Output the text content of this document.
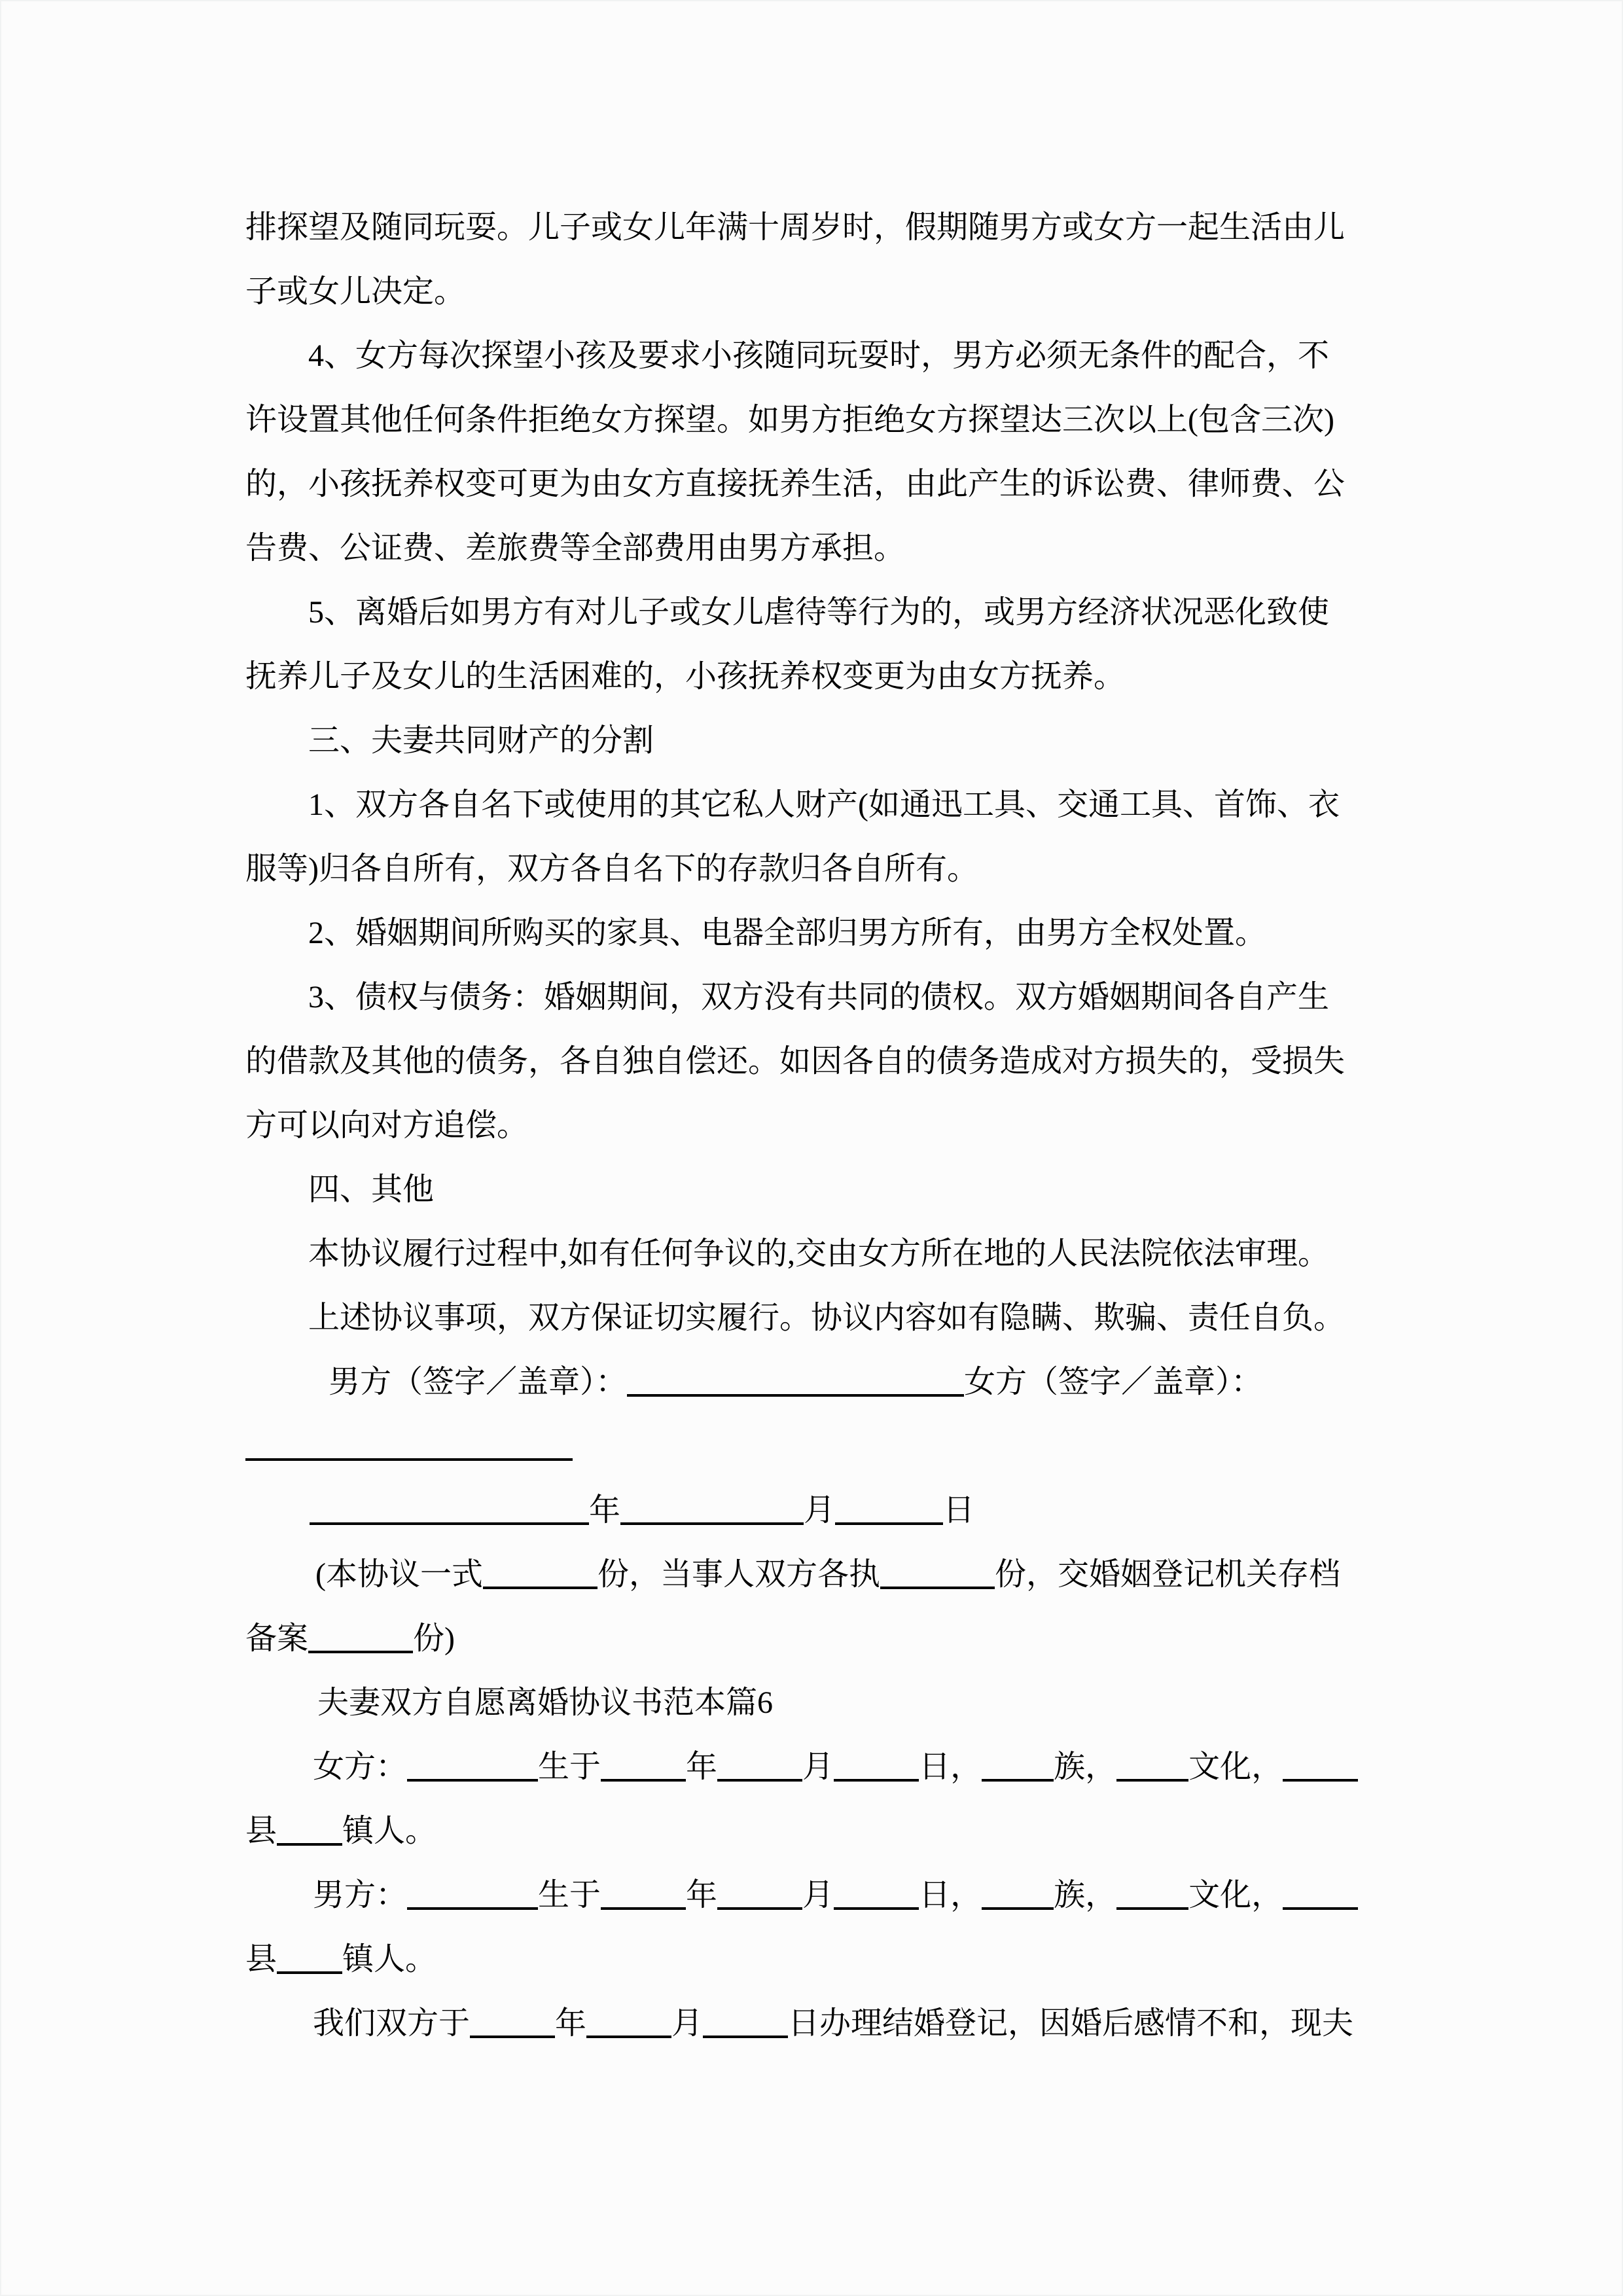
排探望及随同玩耍。儿子或女儿年满十周岁时，假期随男方或女方一起生活由儿
子或女儿决定。
4、女方每次探望小孩及要求小孩随同玩耍时，男方必须无条件的配合，不
许设置其他任何条件拒绝女方探望。如男方拒绝女方探望达三次以上(包含三次)
的，小孩抚养权变可更为由女方直接抚养生活，由此产生的诉讼费、律师费、公
告费、公证费、差旅费等全部费用由男方承担。
5、离婚后如男方有对儿子或女儿虐待等行为的，或男方经济状况恶化致使
抚养儿子及女儿的生活困难的，小孩抚养权变更为由女方抚养。
三、夫妻共同财产的分割
1、双方各自名下或使用的其它私人财产(如通迅工具、交通工具、首饰、衣
服等)归各自所有，双方各自名下的存款归各自所有。
2、婚姻期间所购买的家具、电器全部归男方所有，由男方全权处置。
3、债权与债务：婚姻期间，双方没有共同的债权。双方婚姻期间各自产生
的借款及其他的债务，各自独自偿还。如因各自的债务造成对方损失的，受损失
方可以向对方追偿。
四、其他
本协议履行过程中,如有任何争议的,交由女方所在地的人民法院依法审理。
上述协议事项，双方保证切实履行。协议内容如有隐瞒、欺骗、责任自负。
男方（签字／盖章）：	女方（签字／盖章）：
年	月	日
(本协议一式	份，当事人双方各执	份，交婚姻登记机关存档
备案	份)
夫妻双方自愿离婚协议书范本篇6
女方：	生于	年	月	日， 族， 文化，
县 镇人。
男方：	生于	年	月	日， 族， 文化，
县 镇人。
我们双方于	年	月	日办理结婚登记，因婚后感情不和，现夫
